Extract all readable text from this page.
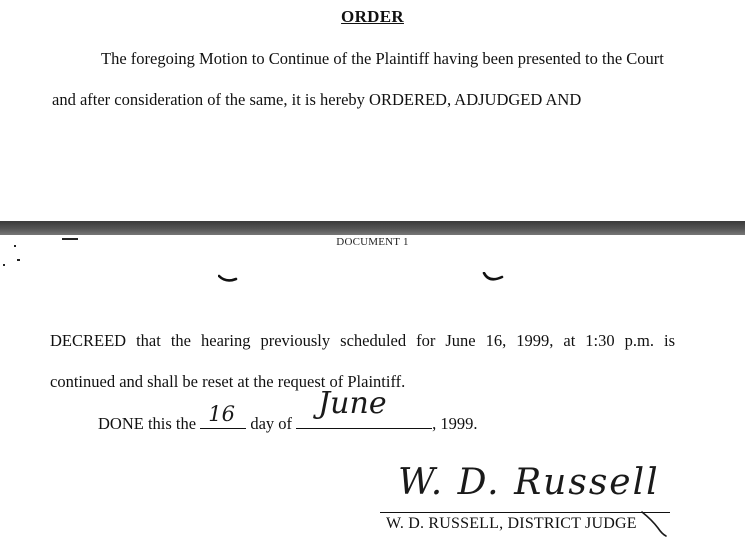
ORDER
The foregoing Motion to Continue of the Plaintiff having been presented to the Court
and after consideration of the same, it is hereby ORDERED, ADJUDGED AND
DOCUMENT 1
DECREED that the hearing previously scheduled for June 16, 1999, at 1:30 p.m. is
continued and shall be reset at the request of Plaintiff.
DONE this the 16 day of
June
, 1999.
W. D. Russell
W. D. RUSSELL, DISTRICT JUDGE
